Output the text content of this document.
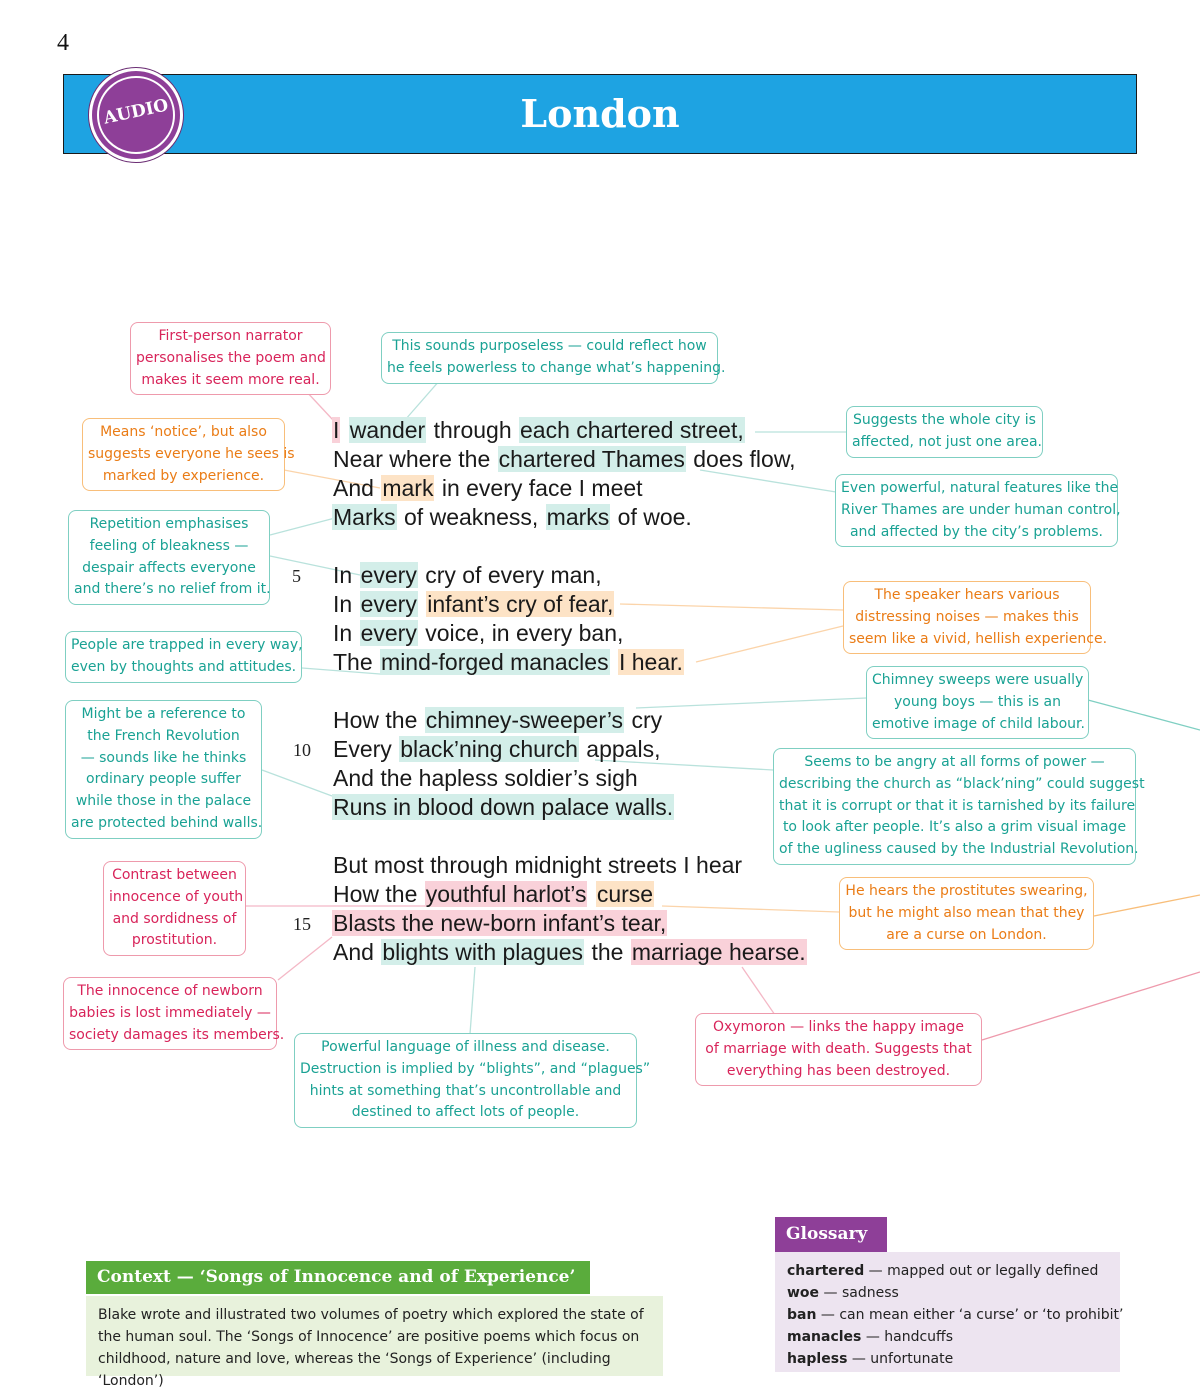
4
London
AUDIO
I wander through each chartered street,
Near where the chartered Thames does flow,
And mark in every face I meet
Marks of weakness, marks of woe.
In every cry of every man,
In every infant’s cry of fear,
In every voice, in every ban,
The mind-forged manacles I hear.
How the chimney-sweeper’s cry
Every black’ning church appals,
And the hapless soldier’s sigh
Runs in blood down palace walls.
But most through midnight streets I hear
How the youthful harlot’s curse
Blasts the new-born infant’s tear,
And blights with plagues the marriage hearse.
5
10
15
First-person narrator
personalises the poem and
makes it seem more real.
This sounds purposeless — could reflect how
he feels powerless to change what’s happening.
Means ‘notice’, but also
suggests everyone he sees is
marked by experience.
Suggests the whole city is
affected, not just one area.
Even powerful, natural features like the
River Thames are under human control,
and affected by the city’s problems.
Repetition emphasises
feeling of bleakness —
despair affects everyone
and there’s no relief from it.	The speaker hears various
distressing noises — makes this
seem like a vivid, hellish experience.
People are trapped in every way,
even by thoughts and attitudes.
Chimney sweeps were usually
young boys — this is an
emotive image of child labour.
Might be a reference to
the French Revolution
— sounds like he thinks
ordinary people suffer
while those in the palace
are protected behind walls.
Seems to be angry at all forms of power —
describing the church as “black’ning” could suggest
that it is corrupt or that it is tarnished by its failure
to look after people. It’s also a grim visual image
of the ugliness caused by the Industrial Revolution.
Contrast between
innocence of youth
and sordidness of
prostitution.
He hears the prostitutes swearing,
but he might also mean that they
are a curse on London.
The innocence of newborn
babies is lost immediately —
society damages its members.
Powerful language of illness and disease.
Destruction is implied by “blights”, and “plagues”
hints at something that’s uncontrollable and
destined to affect lots of people.
Oxymoron — links the happy image
of marriage with death. Suggests that
everything has been destroyed.
Context — ‘Songs of Innocence and of Experience’
Blake wrote and illustrated two volumes of poetry which explored the state of
the human soul. The ‘Songs of Innocence’ are positive poems which focus on
childhood, nature and love, whereas the ‘Songs of Experience’ (including ‘London’)
Glossary
chartered — mapped out or legally defined
woe — sadness
ban — can mean either ‘a curse’ or ‘to prohibit’
manacles — handcuffs
hapless — unfortunate
